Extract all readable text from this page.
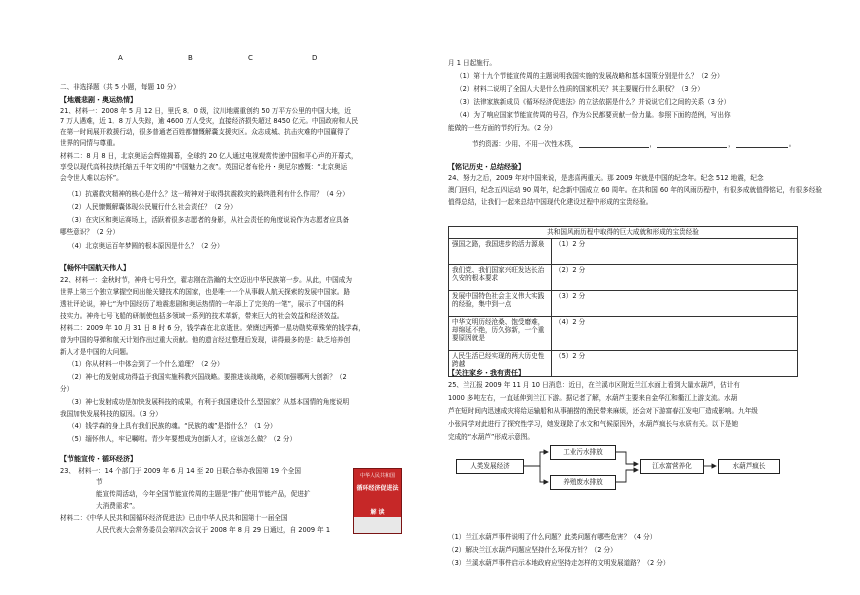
A	B	C	D
二、非选择题（共 5 小题，每题 10 分）
【地震悲剧・奥运热情】
21、材料一：2008 年 5 月 12 日，里氏 8．0 级，汶川地震重创约 50 万平方公里的中国大地，近
7 万人遇难，近 1．8 万人失踪，逾 4600 万人受灾，直接经济损失超过 8450 亿元。中国政府和人民
在第一时间展开救援行动，很多普通老百姓都慷慨解囊支援灾区。众志成城、抗击灾难的中国赢得了
世界的同情与尊重。
材料二：8 月 8 日，北京奥运会辉煌揭幕，全球约 20 亿人通过电视观赏传递中国和平心声的开幕式，
享受以现代高科技烘托缩五千年文明的“中国魅力之夜”。英国记者布伦丹・奥尼尔感慨：“北京奥运
会令世人难以忘怀”。
（1）抗震救灾精神的核心是什么？这一精神对于取得抗震救灾的最终胜利有什么作用？（4 分）
（2）人民慷慨解囊体现公民履行什么社会责任？（2 分）
（3）在灾区和奥运赛场上，活跃着很多志愿者的身影，从社会责任的角度说说作为志愿者应具备
哪些意识？（2 分）
（4）北京奥运百年梦圆的根本原因是什么？（2 分）
【畅怀中国航天伟人】
22、材料一：金秋时节，神舟七号升空，翟志刚在浩瀚的太空迈出中华民族第一步。从此，中国成为
世界上第三个独立掌握空间出舱关键技术的国家，也是唯一一个从事载人航天探索的发展中国家。路
透社评论说，神七“为中国经历了地震悲剧和奥运热情的一年添上了完美的一笔”，展示了中国的科
技实力。神舟七号飞船的研制使包括多领域一系列的技术革新，带来巨大的社会效益和经济效益。
材料二：2009 年 10 月 31 日 8 时 6 分，钱学森在北京逝世。荣膺过两弹一星功勋奖章殊荣的钱学森，
曾为中国的导弹和航天计划作出过重大贡献。他的遗言经过整理后发现，讲得最多的是：缺乏培养创
新人才是中国的大问题。
（1）你从材料一中体会到了一个什么道理？（2 分）
（2）神七的发射成功得益于我国实施科教兴国战略。要推进该战略，必须加强哪两大创新？（2
分）
（3）神七发射成功是加快发展科技的成果，有利于我国建设什么型国家？从基本国情的角度说明
我国加快发展科技的原因。（3 分）
（4）钱学森的身上具有我们民族的魂。“民族的魂”是指什么？（1 分）
（5）缅怀伟人，牢记嘱咐。青少年要想成为创新人才，应该怎么做？（2 分）
【节能宣传・循环经济】
23、　材料一：14 个部门于 2009 年 6 月 14 至 20 日联合举办我国第 19 个全国
节
能宣传周活动，今年全国节能宣传周的主题是“推广使用节能产品，促进扩
大消费需求”。
材料二：《中华人民共和国循环经济促进法》已由中华人民共和国第十一届全国
人民代表大会常务委员会第四次会议于 2008 年 8 月 29 日通过，自 2009 年 1
中华人民共和国
循环经济促进法
解 读
月 1 日起施行。
（1）第十九个节能宣传周的主题说明我国实施的发展战略和基本国策分别是什么？（2 分）
（2）材料二说明了全国人大是什么性质的国家机关？其主要履行什么职权？（3 分）
（3）法律家族新成员《循环经济促进法》的立法依据是什么？并说说它们之间的关系（3 分）
（4）为了响应国家节能宣传周的号召，作为公民都要贡献一份力量。参照下面的范例，写出你
能做的一些方面的节约行为。（2 分）
节约资源：少用、不用一次性木筷，	，	，	。
【铭记历史・总结经验】
24、努力之后，2009 年对中国来说，是悲喜两重天。那 2009 年就是中国的纪念年。纪念 512 地震，纪念
澳门回归，纪念五四运动 90 周年，纪念新中国成立 60 周年。在共和国 60 年的风雨历程中，有很多成就值得铭记，有很多经验
值得总结，让我们一起来总结中国现代化建设过程中形成的宝贵经验。
【关注家乡・我有责任】
25、兰江报 2009 年 11 月 10 日消息：近日，在兰溪市区附近兰江水面上看到大量水葫芦，估计有
1000 多吨左右，一直延伸到兰江下游。据记者了解，水葫芦主要来自金华江和衢江上游支流。水葫
芦在短时间内迅速成灾将给运输船和从事捕捞的渔民带来麻烦，还会对下游富春江发电厂造成影响。九年级
小张同学对此进行了探究性学习，她发现除了水文和气候原因外，水葫芦疯长与水质有关。以下是她
完成的“水葫芦”形成示意图。
（1）兰江水葫芦事件说明了什么问题？此类问题有哪些危害？（4 分）
（2）解决兰江水葫芦问题应坚持什么环保方针？（2 分）
（3）兰溪水葫芦事件启示本地政府应坚持走怎样的文明发展道路？（2 分）
共和国风雨历程中取得的巨大成就和形成的宝贵经验	
强国之路，我国进步的活力源泉	（1）2 分
我们党、我们国家兴旺发达长治久安的根本要求	（2）2 分
发展中国特色社会主义伟大实践的经验，集中到一点	（3）2 分
中华文明历经沧桑、饱受磨难，却绵延不绝，历久弥新，一个重要原因就是	（4）2 分
人民生活已经实现的两大历史性跨越	（5）2 分
人类发展经济
工业污水排放
养殖废水排放
江水富营养化	水葫芦疯长
